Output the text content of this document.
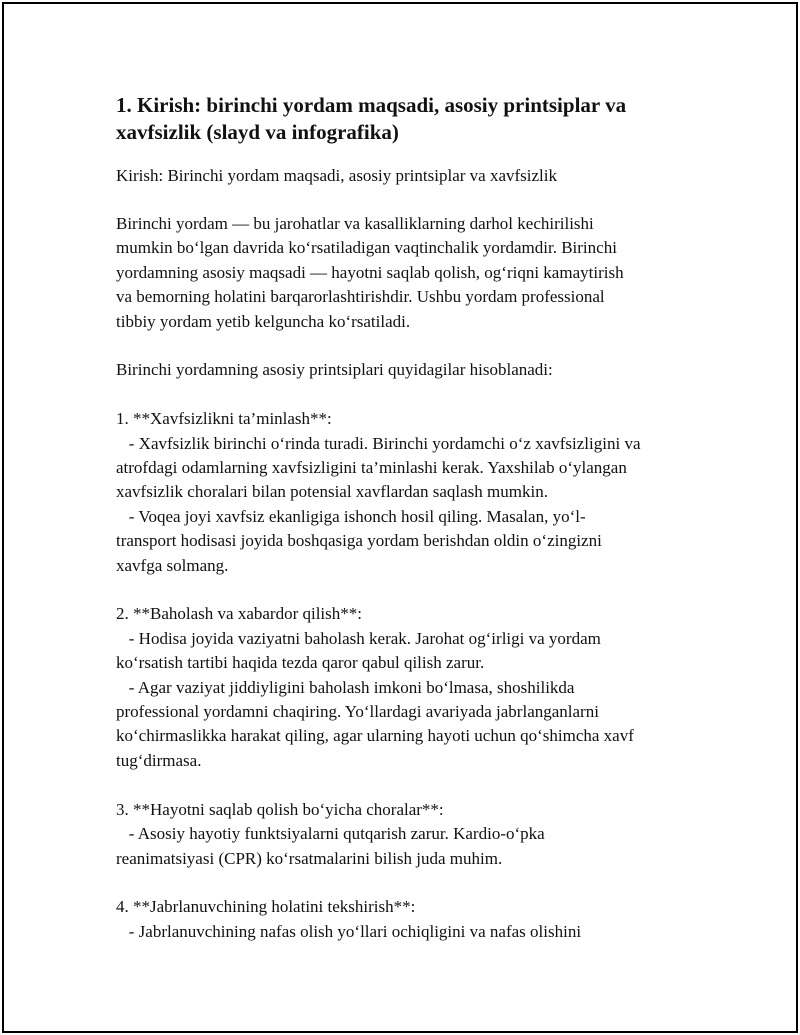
1. Kirish: birinchi yordam maqsadi, asosiy printsiplar va xavfsizlik (slayd va infografika)

Kirish: Birinchi yordam maqsadi, asosiy printsiplar va xavfsizlik

Birinchi yordam — bu jarohatlar va kasalliklarning darhol kechirilishi
mumkin bo‘lgan davrida ko‘rsatiladigan vaqtinchalik yordamdir. Birinchi
yordamning asosiy maqsadi — hayotni saqlab qolish, og‘riqni kamaytirish
va bemorning holatini barqarorlashtirishdir. Ushbu yordam professional
tibbiy yordam yetib kelguncha ko‘rsatiladi.
Birinchi yordamning asosiy printsiplari quyidagilar hisoblanadi:
1. **Xavfsizlikni ta’minlash**:
- Xavfsizlik birinchi o‘rinda turadi. Birinchi yordamchi o‘z xavfsizligini va
atrofdagi odamlarning xavfsizligini ta’minlashi kerak. Yaxshilab o‘ylangan
xavfsizlik choralari bilan potensial xavflardan saqlash mumkin.
- Voqea joyi xavfsiz ekanligiga ishonch hosil qiling. Masalan, yo‘l-
transport hodisasi joyida boshqasiga yordam berishdan oldin o‘zingizni
xavfga solmang.
2. **Baholash va xabardor qilish**:
- Hodisa joyida vaziyatni baholash kerak. Jarohat og‘irligi va yordam
ko‘rsatish tartibi haqida tezda qaror qabul qilish zarur.
- Agar vaziyat jiddiyligini baholash imkoni bo‘lmasa, shoshilikda
professional yordamni chaqiring. Yo‘llardagi avariyada jabrlanganlarni
ko‘chirmaslikka harakat qiling, agar ularning hayoti uchun qo‘shimcha xavf
tug‘dirmasa.
3. **Hayotni saqlab qolish bo‘yicha choralar**:
- Asosiy hayotiy funktsiyalarni qutqarish zarur. Kardio-o‘pka
reanimatsiyasi (CPR) ko‘rsatmalarini bilish juda muhim.
4. **Jabrlanuvchining holatini tekshirish**:
- Jabrlanuvchining nafas olish yo‘llari ochiqligini va nafas olishini
